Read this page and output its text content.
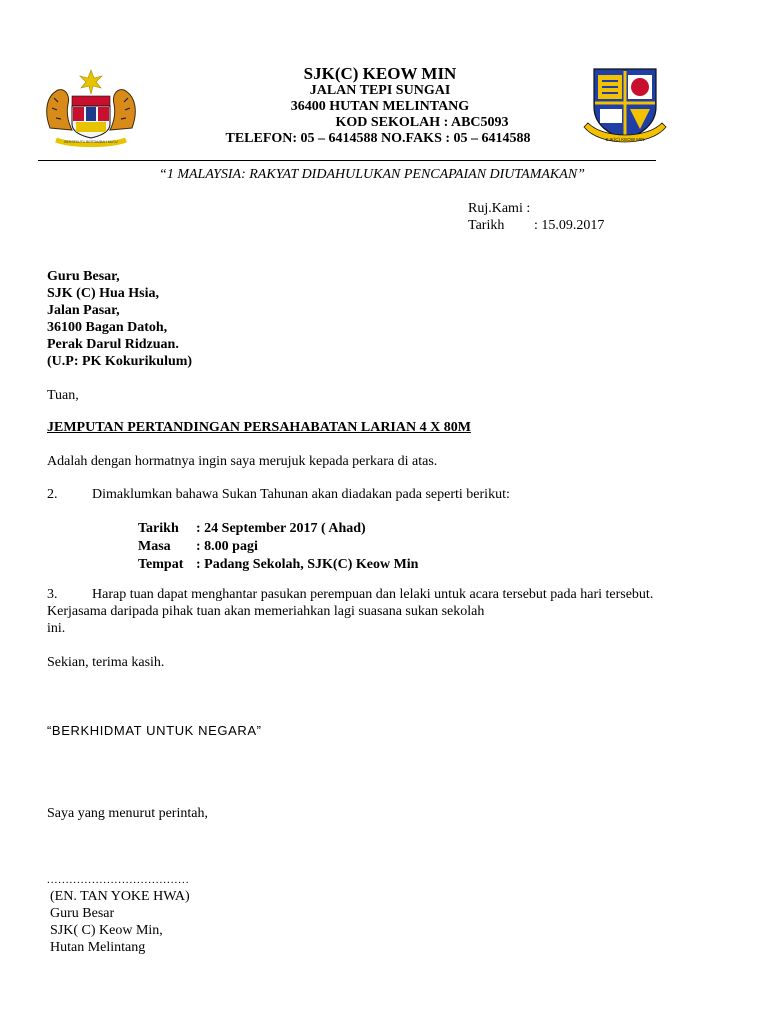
BERSEKUTU BERTAMBAH MUTU
SJK(C) KEOW MIN
JALAN TEPI SUNGAI
36400 HUTAN MELINTANG
KOD SEKOLAH : ABC5093
TELEFON: 05 – 6414588 NO.FAKS : 05 – 6414588	SJK(C) KEOW MIN
“1 MALAYSIA: RAKYAT DIDAHULUKAN PENCAPAIAN DIUTAMAKAN”
Ruj.Kami :
Tarikh : 15.09.2017
Guru Besar,
SJK (C) Hua Hsia,
Jalan Pasar,
36100 Bagan Datoh,
Perak Darul Ridzuan.
(U.P: PK Kokurikulum)
Tuan,
JEMPUTAN PERTANDINGAN PERSAHABATAN LARIAN 4 X 80M
Adalah dengan hormatnya ingin saya merujuk kepada perkara di atas.
2. Dimaklumkan bahawa Sukan Tahunan akan diadakan pada seperti berikut:
Tarikh	: 24 September 2017 ( Ahad)
Masa	: 8.00 pagi
Tempat	: Padang Sekolah, SJK(C) Keow Min
3. Harap tuan dapat menghantar pasukan perempuan dan lelaki untuk acara tersebut pada hari tersebut.
Kerjasama daripada pihak tuan akan memeriahkan lagi suasana sukan sekolah
ini.
Sekian, terima kasih.
“BERKHIDMAT UNTUK NEGARA”
Saya yang menurut perintah,
......................................
(EN. TAN YOKE HWA)
Guru Besar
SJK( C) Keow Min,
Hutan Melintang
